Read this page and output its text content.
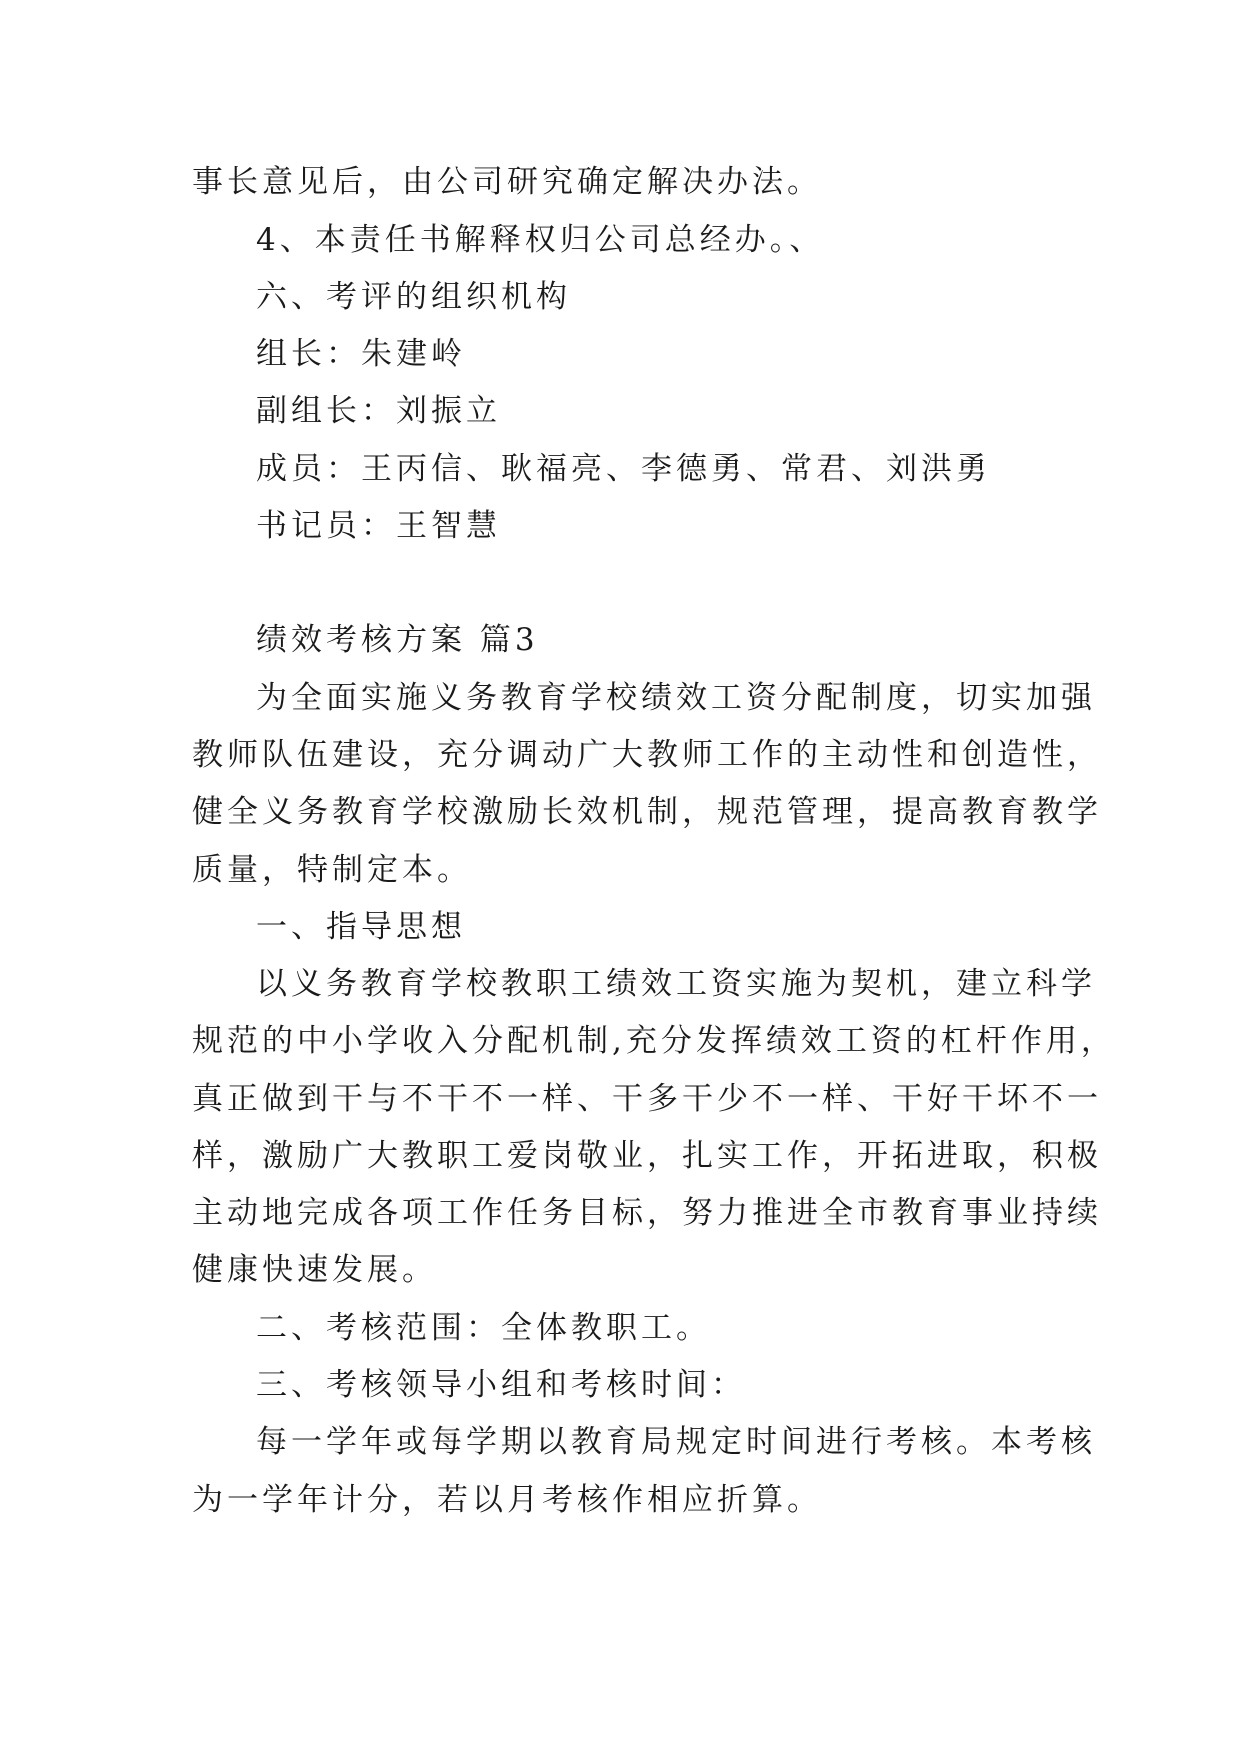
事长意见后，由公司研究确定解决办法。
4、本责任书解释权归公司总经办。、
六、考评的组织机构
组长：朱建岭
副组长：刘振立
成员：王丙信、耿福亮、李德勇、常君、刘洪勇
书记员：王智慧
绩效考核方案 篇3
为全面实施义务教育学校绩效工资分配制度，切实加强
教师队伍建设，充分调动广大教师工作的主动性和创造性，
健全义务教育学校激励长效机制，规范管理，提高教育教学
质量，特制定本。
一、指导思想
以义务教育学校教职工绩效工资实施为契机，建立科学
规范的中小学收入分配机制,充分发挥绩效工资的杠杆作用，
真正做到干与不干不一样、干多干少不一样、干好干坏不一
样，激励广大教职工爱岗敬业，扎实工作，开拓进取，积极
主动地完成各项工作任务目标，努力推进全市教育事业持续
健康快速发展。
二、考核范围：全体教职工。
三、考核领导小组和考核时间：
每一学年或每学期以教育局规定时间进行考核。本考核
为一学年计分，若以月考核作相应折算。
